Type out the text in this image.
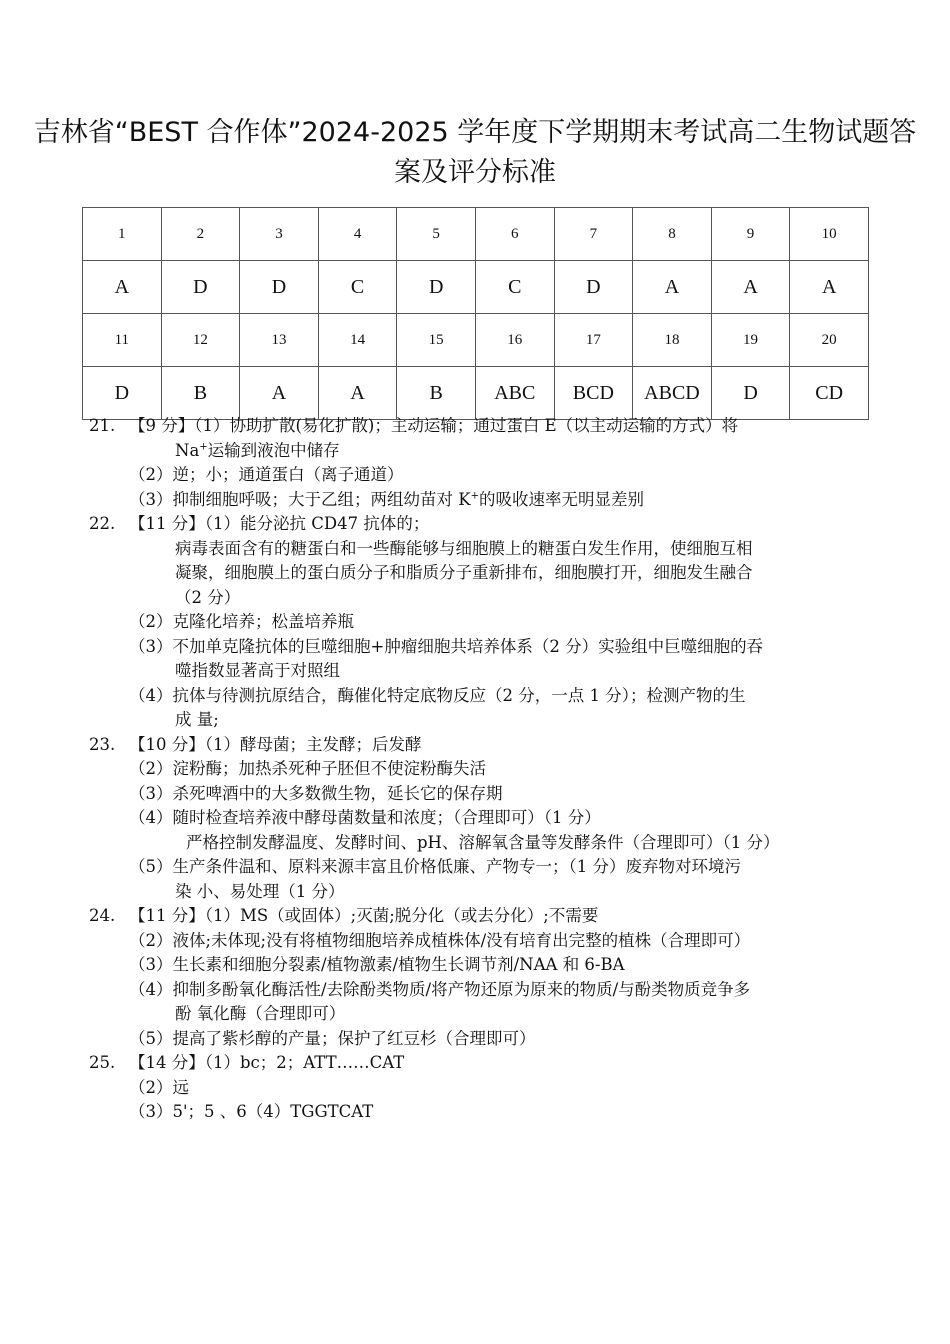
吉林省“BEST 合作体”2024-2025 学年度下学期期末考试高二生物试题答
案及评分标准
1	2	3	4	5	6	7	8	9	10
A	D	D	C	D	C	D	A	A	A
11	12	13	14	15	16	17	18	19	20
D	B	A	A	B	ABC	BCD	ABCD	D	CD
21. 【9 分】（1）协助扩散(易化扩散)；主动运输；通过蛋白 E（以主动运输的方式）将
Na+运输到液泡中储存
（2）逆；小；通道蛋白（离子通道）
（3）抑制细胞呼吸；大于乙组；两组幼苗对 K+的吸收速率无明显差别
22. 【11 分】（1）能分泌抗 CD47 抗体的；
病毒表面含有的糖蛋白和一些酶能够与细胞膜上的糖蛋白发生作用，使细胞互相
凝聚，细胞膜上的蛋白质分子和脂质分子重新排布，细胞膜打开，细胞发生融合
（2 分）
（2）克隆化培养；松盖培养瓶
（3）不加单克隆抗体的巨噬细胞+肿瘤细胞共培养体系（2 分）实验组中巨噬细胞的吞
噬指数显著高于对照组
（4）抗体与待测抗原结合，酶催化特定底物反应（2 分，一点 1 分）；检测产物的生
成 量;
23. 【10 分】（1）酵母菌；主发酵；后发酵
（2）淀粉酶；加热杀死种子胚但不使淀粉酶失活
（3）杀死啤酒中的大多数微生物，延长它的保存期
（4）随时检查培养液中酵母菌数量和浓度；（合理即可）（1 分）
严格控制发酵温度、发酵时间、pH、溶解氧含量等发酵条件（合理即可）（1 分）
（5）生产条件温和、原料来源丰富且价格低廉、产物专一；（1 分）废弃物对环境污
染 小、易处理（1 分）
24. 【11 分】（1）MS（或固体）;灭菌;脱分化（或去分化）;不需要
（2）液体;未体现;没有将植物细胞培养成植株体/没有培育出完整的植株（合理即可）
（3）生长素和细胞分裂素/植物激素/植物生长调节剂/NAA 和 6-BA
（4）抑制多酚氧化酶活性/去除酚类物质/将产物还原为原来的物质/与酚类物质竞争多
酚 氧化酶（合理即可）
（5）提高了紫杉醇的产量；保护了红豆杉（合理即可）
25. 【14 分】（1）bc；2；ATT……CAT
（2）远
（3）5'；5 、6（4）TGGTCAT
